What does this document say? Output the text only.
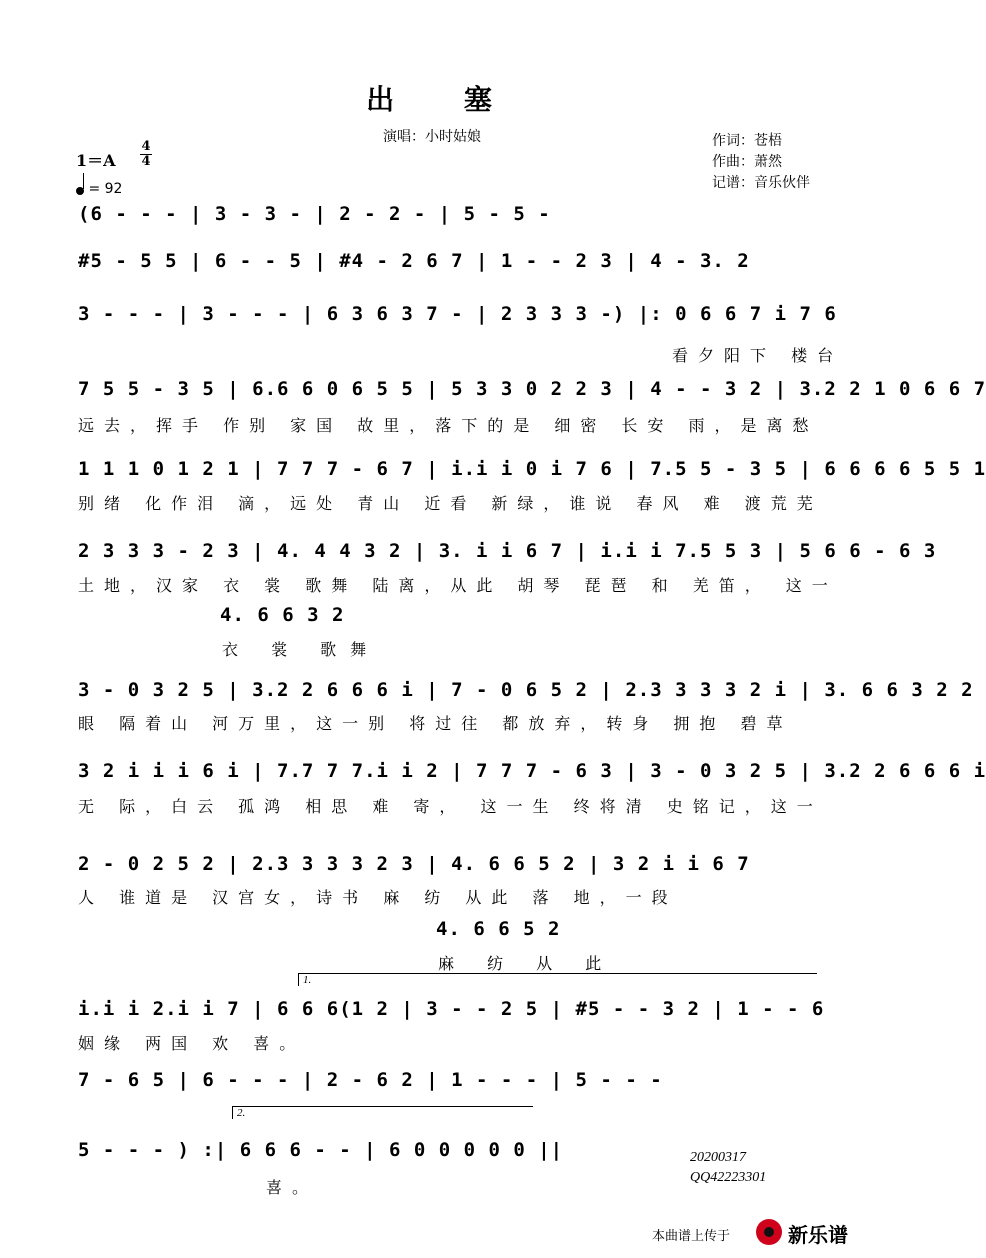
出 塞
演唱：小时姑娘	作词：苍梧
作曲：萧然
记谱：音乐伙伴
1＝A
4
4
= 92
(6 - - - | 3 - 3 - | 2 - 2 - | 5 - 5 -
#5 - 5 5 | 6 - - 5 | #4 - 2 6 7 | 1 - - 2 3 | 4 - 3. 2
3 - - - | 3 - - - | 6 3 6 3 7 - | 2 3 3 3 -) |: 0 6 6 7 i 7 6
看夕阳下 楼台
7 5 5 - 3 5 | 6.6 6 0 6 5 5 | 5 3 3 0 2 2 3 | 4 - - 3 2 | 3.2 2 1 0 6 6 7
远去，挥手 作别 家国 故里，落下的是 细密 长安 雨，是离愁
1 1 1 0 1 2 1 | 7 7 7 - 6 7 | i.i i 0 i 7 6 | 7.5 5 - 3 5 | 6 6 6 6 5 5 1
别绪 化作泪 滴，远处 青山 近看 新绿，谁说 春风 难 渡荒芜
2 3 3 3 - 2 3 | 4. 4 4 3 2 | 3. i i 6 7 | i.i i 7.5 5 3 | 5 6 6 - 6 3
土地，汉家 衣 裳 歌舞 陆离，从此 胡琴 琵琶 和 羌笛， 这一
4. 6 6 3 2
衣 裳 歌舞
3 - 0 3 2 5 | 3.2 2 6 6 6 i | 7 - 0 6 5 2 | 2.3 3 3 3 2 i | 3. 6 6 3 2 2
眼 隔着山 河万里，这一别 将过往 都放弃，转身 拥抱 碧草
3 2 i i i 6 i | 7.7 7 7.i i 2 | 7 7 7 - 6 3 | 3 - 0 3 2 5 | 3.2 2 6 6 6 i
无 际，白云 孤鸿 相思 难 寄， 这一生 终将清 史铭记，这一
2 - 0 2 5 2 | 2.3 3 3 3 2 3 | 4. 6 6 5 2 | 3 2 i i 6 7
人 谁道是 汉宫女，诗书 麻 纺 从此 落 地，一段
4. 6 6 5 2
麻 纺 从 此
1.
i.i i 2.i i 7 | 6 6 6(1 2 | 3 - - 2 5 | #5 - - 3 2 | 1 - - 6
姻缘 两国 欢 喜。
7 - 6 5 | 6 - - - | 2 - 6 2 | 1 - - - | 5 - - -
2.
5 - - - ) :| 6 6 6 - - | 6 0 0 0 0 0 ||
喜。
20200317
QQ42223301
本曲谱上传于	新乐谱
